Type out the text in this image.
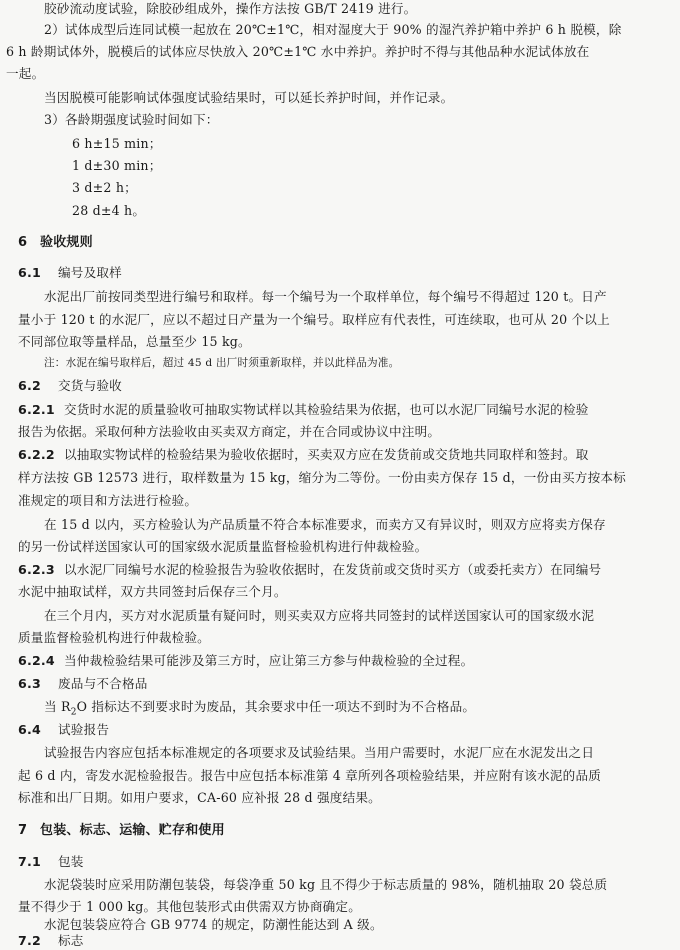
胶砂流动度试验，除胶砂组成外，操作方法按 GB/T 2419 进行。
2）试体成型后连同试模一起放在 20℃±1℃，相对湿度大于 90% 的湿汽养护箱中养护 6 h 脱模，除
6 h 龄期试体外，脱模后的试体应尽快放入 20℃±1℃ 水中养护。养护时不得与其他品种水泥试体放在
一起。
当因脱模可能影响试体强度试验结果时，可以延长养护时间，并作记录。
3）各龄期强度试验时间如下：
6 h±15 min；
1 d±30 min；
3 d±2 h；
28 d±4 h。
6 验收规则
6.1 编号及取样
水泥出厂前按同类型进行编号和取样。每一个编号为一个取样单位，每个编号不得超过 120 t。日产
量小于 120 t 的水泥厂，应以不超过日产量为一个编号。取样应有代表性，可连续取，也可从 20 个以上
不同部位取等量样品，总量至少 15 kg。
注：水泥在编号取样后，超过 45 d 出厂时须重新取样，并以此样品为准。
6.2 交货与验收
6.2.1 交货时水泥的质量验收可抽取实物试样以其检验结果为依据，也可以水泥厂同编号水泥的检验
报告为依据。采取何种方法验收由买卖双方商定，并在合同或协议中注明。
6.2.2 以抽取实物试样的检验结果为验收依据时，买卖双方应在发货前或交货地共同取样和签封。取
样方法按 GB 12573 进行，取样数量为 15 kg，缩分为二等份。一份由卖方保存 15 d，一份由买方按本标
准规定的项目和方法进行检验。
在 15 d 以内，买方检验认为产品质量不符合本标准要求，而卖方又有异议时，则双方应将卖方保存
的另一份试样送国家认可的国家级水泥质量监督检验机构进行仲裁检验。
6.2.3 以水泥厂同编号水泥的检验报告为验收依据时，在发货前或交货时买方（或委托卖方）在同编号
水泥中抽取试样，双方共同签封后保存三个月。
在三个月内，买方对水泥质量有疑问时，则买卖双方应将共同签封的试样送国家认可的国家级水泥
质量监督检验机构进行仲裁检验。
6.2.4 当仲裁检验结果可能涉及第三方时，应让第三方参与仲裁检验的全过程。
6.3 废品与不合格品
当 $R_2O$ 指标达不到要求时为废品，其余要求中任一项达不到时为不合格品。
6.4 试验报告
试验报告内容应包括本标准规定的各项要求及试验结果。当用户需要时，水泥厂应在水泥发出之日
起 6 d 内，寄发水泥检验报告。报告中应包括本标准第 4 章所列各项检验结果，并应附有该水泥的品质
标准和出厂日期。如用户要求，CA-60 应补报 28 d 强度结果。
7 包装、标志、运输、贮存和使用
7.1 包装
水泥袋装时应采用防潮包装袋，每袋净重 50 kg 且不得少于标志质量的 98%，随机抽取 20 袋总质
量不得少于 1 000 kg。其他包装形式由供需双方协商确定。
水泥包装袋应符合 GB 9774 的规定，防潮性能达到 A 级。
7.2 标志
